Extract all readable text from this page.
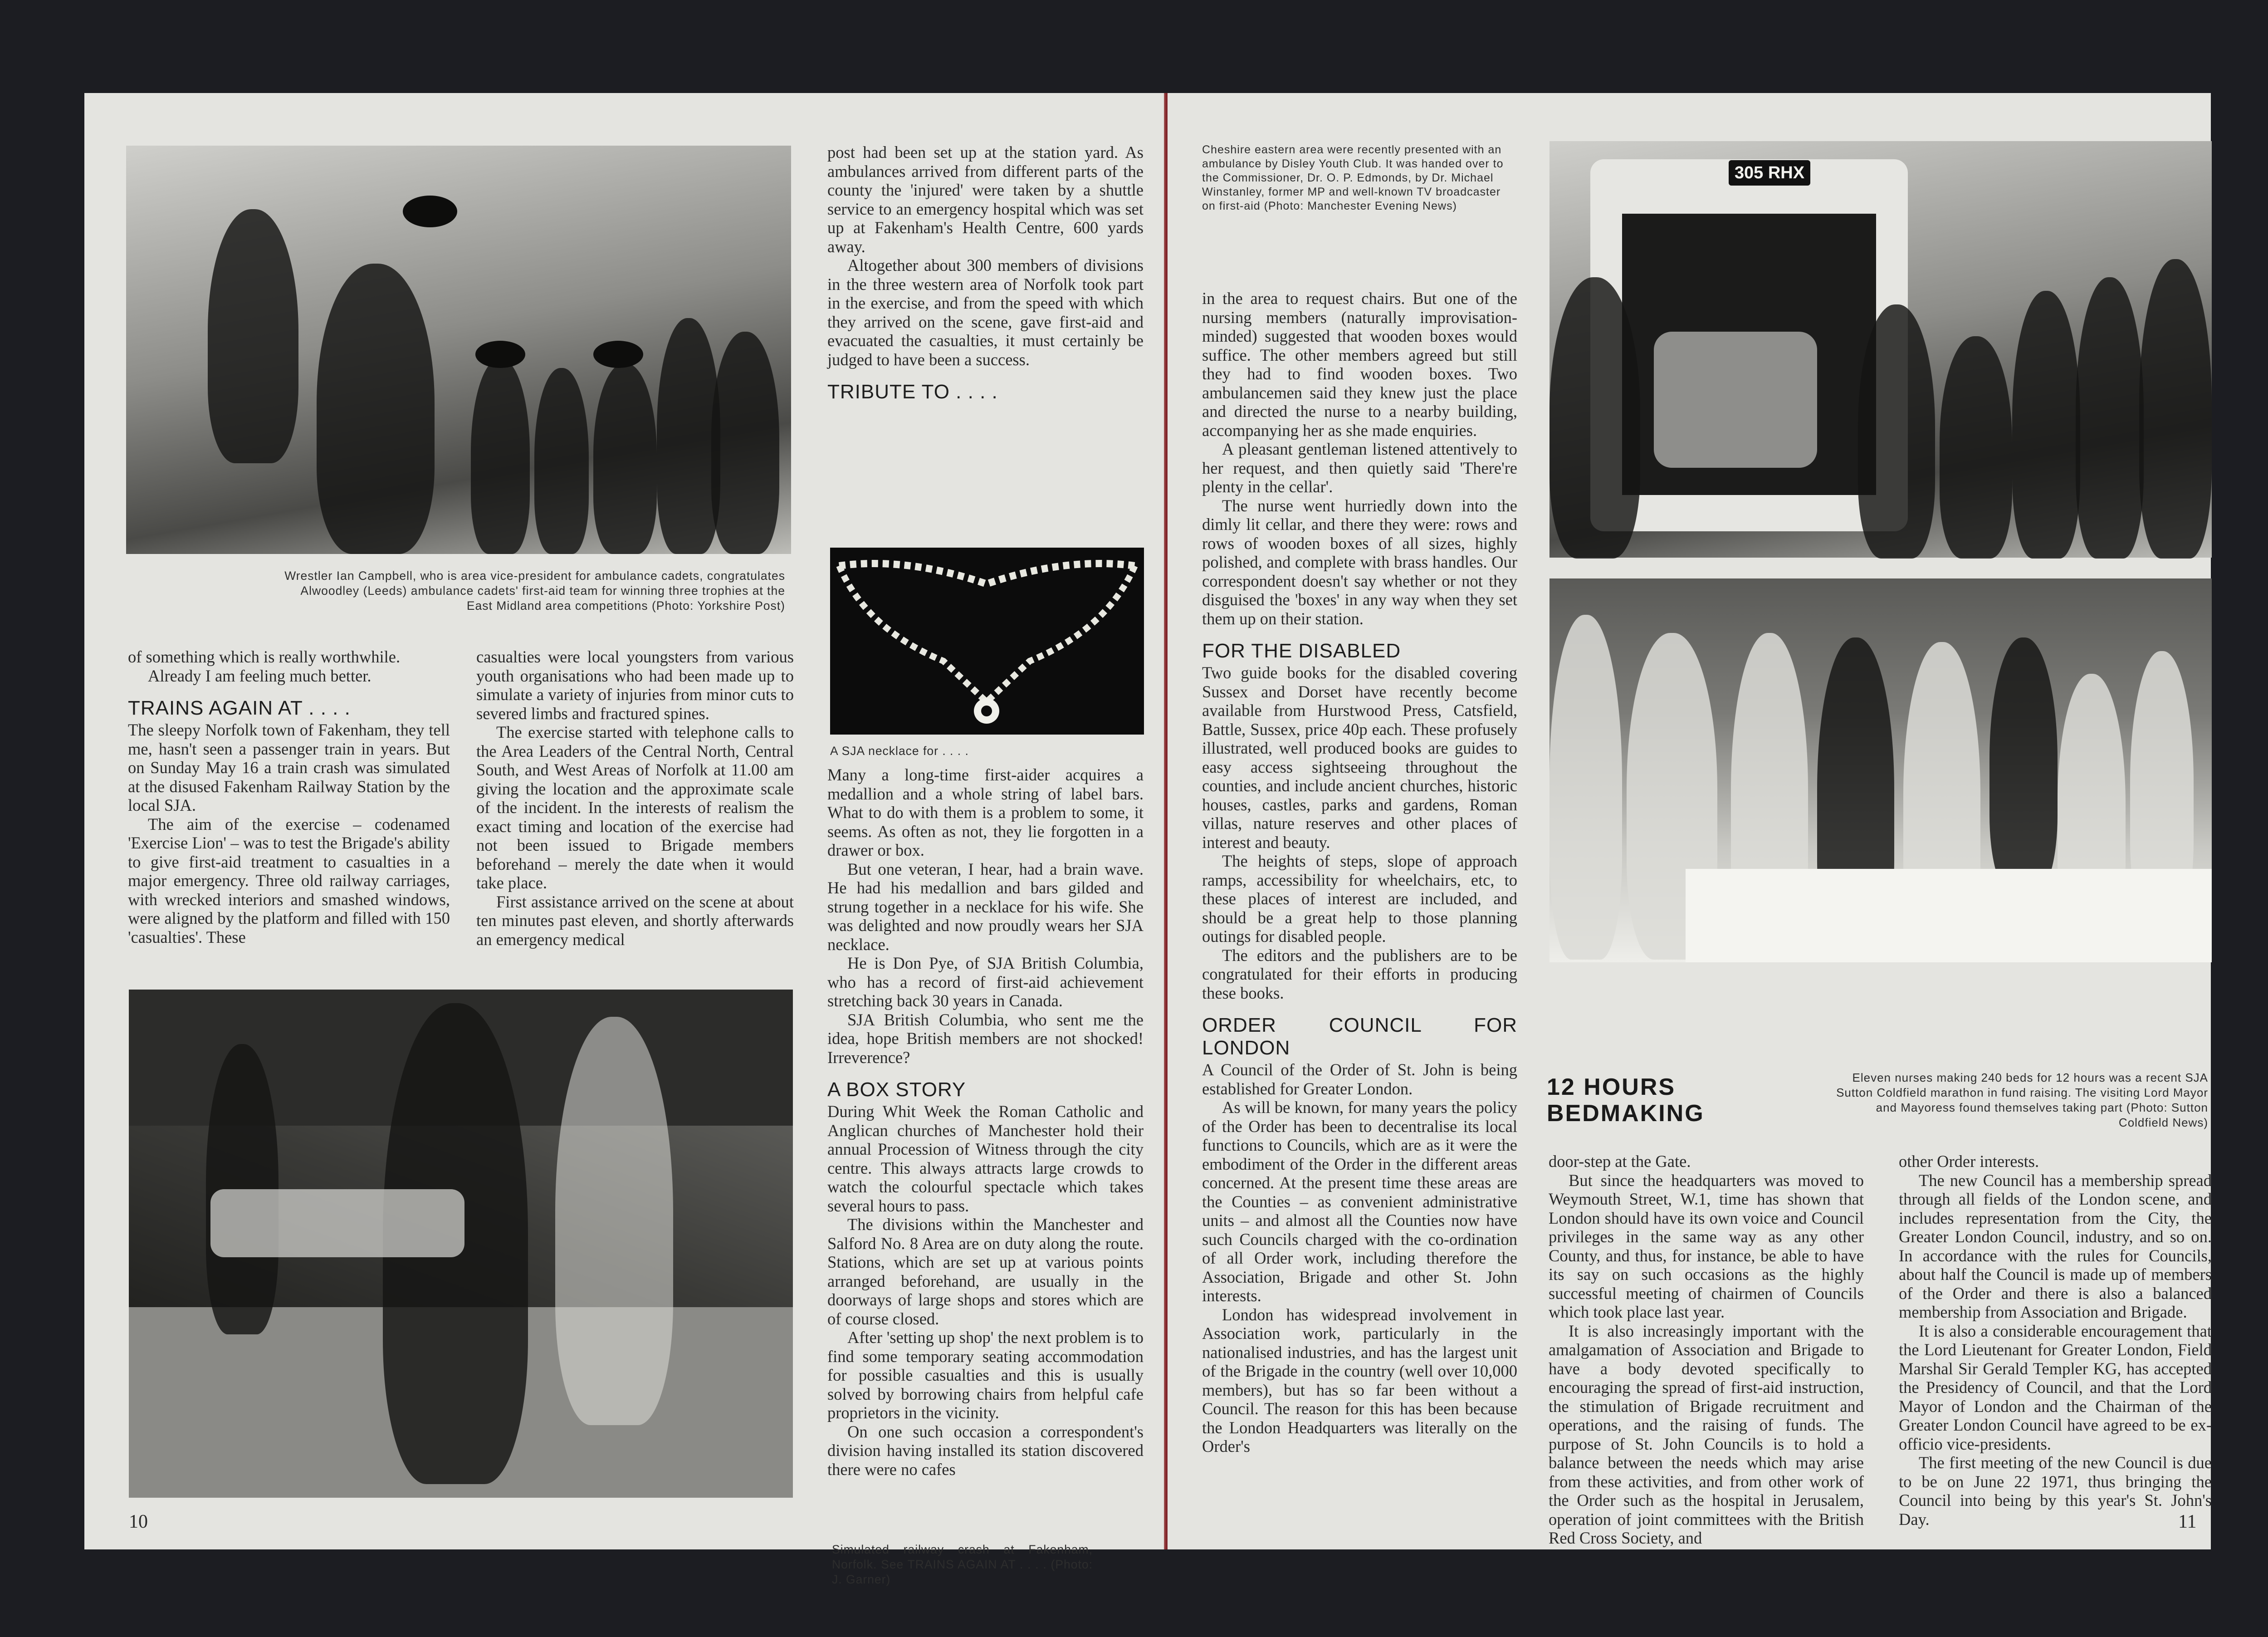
Wrestler Ian Campbell, who is area vice-president for ambulance cadets, congratulates Alwoodley (Leeds) ambulance cadets' first-aid team for winning three trophies at the East Midland area competitions (Photo: Yorkshire Post)

of something which is really worthwhile.

Already I am feeling much better.

TRAINS AGAIN AT . . . .

The sleepy Norfolk town of Fakenham, they tell me, hasn't seen a passenger train in years. But on Sunday May 16 a train crash was simulated at the disused Fakenham Railway Station by the local SJA.

The aim of the exercise – codenamed 'Exercise Lion' – was to test the Brigade's ability to give first-aid treatment to casualties in a major emergency. Three old railway carriages, with wrecked interiors and smashed windows, were aligned by the platform and filled with 150 'casualties'. These

casualties were local youngsters from various youth organisations who had been made up to simulate a variety of injuries from minor cuts to severed limbs and fractured spines.

The exercise started with telephone calls to the Area Leaders of the Central North, Central South, and West Areas of Norfolk at 11.00 am giving the location and the approximate scale of the incident. In the interests of realism the exact timing and location of the exercise had not been issued to Brigade members beforehand – merely the date when it would take place.

First assistance arrived on the scene at about ten minutes past eleven, and shortly afterwards an emergency medical

Simulated railway crash at Fakenham, Norfolk. See TRAINS AGAIN AT . . . . (Photo: J. Garner)

post had been set up at the station yard. As ambulances arrived from different parts of the county the 'injured' were taken by a shuttle service to an emergency hospital which was set up at Fakenham's Health Centre, 600 yards away.

Altogether about 300 members of divisions in the three western area of Norfolk took part in the exercise, and from the speed with which they arrived on the scene, gave first-aid and evacuated the casualties, it must certainly be judged to have been a success.

TRIBUTE TO . . . .
A SJA necklace for . . . .

Many a long-time first-aider acquires a medallion and a whole string of label bars. What to do with them is a problem to some, it seems. As often as not, they lie forgotten in a drawer or box.

But one veteran, I hear, had a brain wave. He had his medallion and bars gilded and strung together in a necklace for his wife. She was delighted and now proudly wears her SJA necklace.

He is Don Pye, of SJA British Columbia, who has a record of first-aid achievement stretching back 30 years in Canada.

SJA British Columbia, who sent me the idea, hope British members are not shocked! Irreverence?

A BOX STORY

During Whit Week the Roman Catholic and Anglican churches of Manchester hold their annual Procession of Witness through the city centre. This always attracts large crowds to watch the colourful spectacle which takes several hours to pass.

The divisions within the Manchester and Salford No. 8 Area are on duty along the route. Stations, which are set up at various points arranged beforehand, are usually in the doorways of large shops and stores which are of course closed.

After 'setting up shop' the next problem is to find some temporary seating accommodation for possible casualties and this is usually solved by borrowing chairs from helpful cafe proprietors in the vicinity.

On one such occasion a correspondent's division having installed its station discovered there were no cafes

10
Cheshire eastern area were recently presented with an ambulance by Disley Youth Club. It was handed over to the Commissioner, Dr. O. P. Edmonds, by Dr. Michael Winstanley, former MP and well-known TV broadcaster on first-aid (Photo: Manchester Evening News)
305 RHX

in the area to request chairs. But one of the nursing members (naturally improvisation-minded) suggested that wooden boxes would suffice. The other members agreed but still they had to find wooden boxes. Two ambulancemen said they knew just the place and directed the nurse to a nearby building, accompanying her as she made enquiries.

A pleasant gentleman listened attentively to her request, and then quietly said 'There're plenty in the cellar'.

The nurse went hurriedly down into the dimly lit cellar, and there they were: rows and rows of wooden boxes of all sizes, highly polished, and complete with brass handles. Our correspondent doesn't say whether or not they disguised the 'boxes' in any way when they set them up on their station.

FOR THE DISABLED

Two guide books for the disabled covering Sussex and Dorset have recently become available from Hurstwood Press, Catsfield, Battle, Sussex, price 40p each. These profusely illustrated, well produced books are guides to easy access sightseeing throughout the counties, and include ancient churches, historic houses, castles, parks and gardens, Roman villas, nature reserves and other places of interest and beauty.

The heights of steps, slope of approach ramps, accessibility for wheelchairs, etc, to these places of interest are included, and should be a great help to those planning outings for disabled people.

The editors and the publishers are to be congratulated for their efforts in producing these books.

ORDER COUNCIL FOR LONDON

A Council of the Order of St. John is being established for Greater London.

As will be known, for many years the policy of the Order has been to decentralise its local functions to Councils, which are as it were the embodiment of the Order in the different areas concerned. At the present time these areas are the Counties – as convenient administrative units – and almost all the Counties now have such Councils charged with the co-ordination of all Order work, including therefore the Association, Brigade and other St. John interests.

London has widespread involvement in Association work, particularly in the nationalised industries, and has the largest unit of the Brigade in the country (well over 10,000 members), but has so far been without a Council. The reason for this has been because the London Headquarters was literally on the Order's

12 HOURS
BEDMAKING
Eleven nurses making 240 beds for 12 hours was a recent SJA Sutton Coldfield marathon in fund raising. The visiting Lord Mayor and Mayoress found themselves taking part (Photo: Sutton Coldfield News)

door-step at the Gate.

But since the headquarters was moved to Weymouth Street, W.1, time has shown that London should have its own voice and Council privileges in the same way as any other County, and thus, for instance, be able to have its say on such occasions as the highly successful meeting of chairmen of Councils which took place last year.

It is also increasingly important with the amalgamation of Association and Brigade to have a body devoted specifically to encouraging the spread of first-aid instruction, the stimulation of Brigade recruitment and operations, and the raising of funds. The purpose of St. John Councils is to hold a balance between the needs which may arise from these activities, and from other work of the Order such as the hospital in Jerusalem, operation of joint committees with the British Red Cross Society, and

other Order interests.

The new Council has a membership spread through all fields of the London scene, and includes representation from the City, the Greater London Council, industry, and so on. In accordance with the rules for Councils, about half the Council is made up of members of the Order and there is also a balanced membership from Association and Brigade.

It is also a considerable encouragement that the Lord Lieutenant for Greater London, Field Marshal Sir Gerald Templer KG, has accepted the Presidency of Council, and that the Lord Mayor of London and the Chairman of the Greater London Council have agreed to be ex-officio vice-presidents.

The first meeting of the new Council is due to be on June 22 1971, thus bringing the Council into being by this year's St. John's Day.	11
